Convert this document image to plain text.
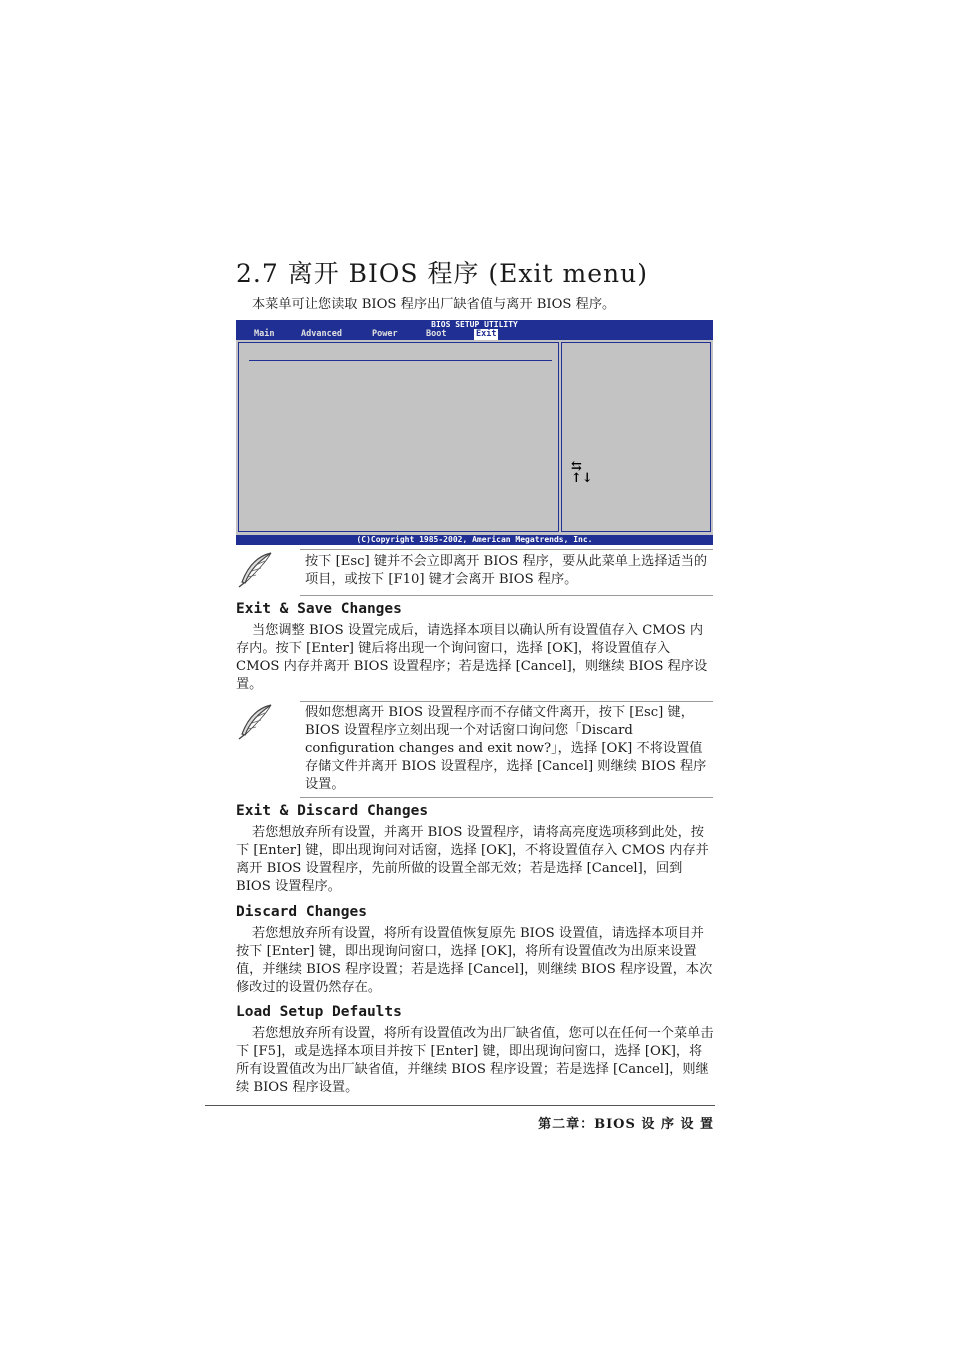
2.7 离开 BIOS 程序 (Exit menu)
本菜单可让您读取 BIOS 程序出厂缺省值与离开 BIOS 程序。
BIOS SETUP UTILITY
Main	Advanced	Power	Boot	Exit
⇆
↑↓
(C)Copyright 1985-2002, American Megatrends, Inc.
按下 [Esc] 键并不会立即离开 BIOS 程序，要从此菜单上选择适当的项目，或按下 [F10] 键才会离开 BIOS 程序。
Exit & Save Changes
当您调整 BIOS 设置完成后，请选择本项目以确认所有设置值存入 CMOS 内存内。按下 [Enter] 键后将出现一个询问窗口，选择 [OK]，将设置值存入 CMOS 内存并离开 BIOS 设置程序；若是选择 [Cancel]，则继续 BIOS 程序设置。
假如您想离开 BIOS 设置程序而不存储文件离开，按下 [Esc] 键，BIOS 设置程序立刻出现一个对话窗口询问您「Discard configuration changes and exit now?」，选择 [OK] 不将设置值存储文件并离开 BIOS 设置程序，选择 [Cancel] 则继续 BIOS 程序设置。
Exit & Discard Changes
若您想放弃所有设置，并离开 BIOS 设置程序，请将高亮度选项移到此处，按下 [Enter] 键，即出现询问对话窗，选择 [OK]，不将设置值存入 CMOS 内存并离开 BIOS 设置程序，先前所做的设置全部无效；若是选择 [Cancel]，回到 BIOS 设置程序。
Discard Changes
若您想放弃所有设置，将所有设置值恢复原先 BIOS 设置值，请选择本项目并按下 [Enter] 键，即出现询问窗口，选择 [OK]，将所有设置值改为出原来设置值，并继续 BIOS 程序设置；若是选择 [Cancel]，则继续 BIOS 程序设置，本次修改过的设置仍然存在。
Load Setup Defaults
若您想放弃所有设置，将所有设置值改为出厂缺省值，您可以在任何一个菜单击下 [F5]，或是选择本项目并按下 [Enter] 键，即出现询问窗口，选择 [OK]，将所有设置值改为出厂缺省值，并继续 BIOS 程序设置；若是选择 [Cancel]，则继续 BIOS 程序设置。
第二章：BIOS 设 序 设 置
